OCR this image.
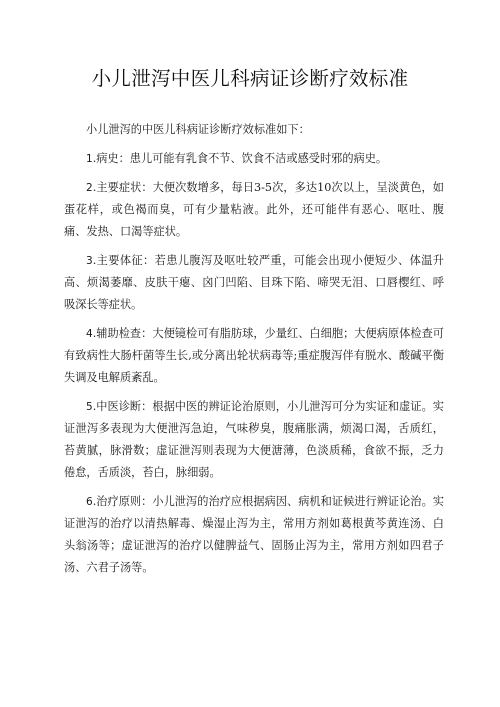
小儿泄泻中医儿科病证诊断疗效标准

小儿泄泻的中医儿科病证诊断疗效标准如下：

1.病史：患儿可能有乳食不节、饮食不洁或感受时邪的病史。

2.主要症状：大便次数增多，每日3-5次，多达10次以上，呈淡黄色，如蛋花样，或色褐而臭，可有少量粘液。此外，还可能伴有恶心、呕吐、腹痛、发热、口渴等症状。

3.主要体征：若患儿腹泻及呕吐较严重，可能会出现小便短少、体温升高、烦渴萎靡、皮肤干瘪、囟门凹陷、目珠下陷、啼哭无泪、口唇樱红、呼吸深长等症状。

4.辅助检查：大便镜检可有脂肪球，少量红、白细胞；大便病原体检查可有致病性大肠杆菌等生长,或分离出轮状病毒等;重症腹泻伴有脱水、酸碱平衡失调及电解质紊乱。

5.中医诊断：根据中医的辨证论治原则，小儿泄泻可分为实证和虚证。实证泄泻多表现为大便泄泻急迫，气味秽臭，腹痛胀满，烦渴口渴，舌质红，苔黄腻，脉滑数；虚证泄泻则表现为大便溏薄，色淡质稀，食欲不振，乏力倦怠，舌质淡，苔白，脉细弱。

6.治疗原则：小儿泄泻的治疗应根据病因、病机和证候进行辨证论治。实证泄泻的治疗以清热解毒、燥湿止泻为主，常用方剂如葛根黄芩黄连汤、白头翁汤等；虚证泄泻的治疗以健脾益气、固肠止泻为主，常用方剂如四君子汤、六君子汤等。
